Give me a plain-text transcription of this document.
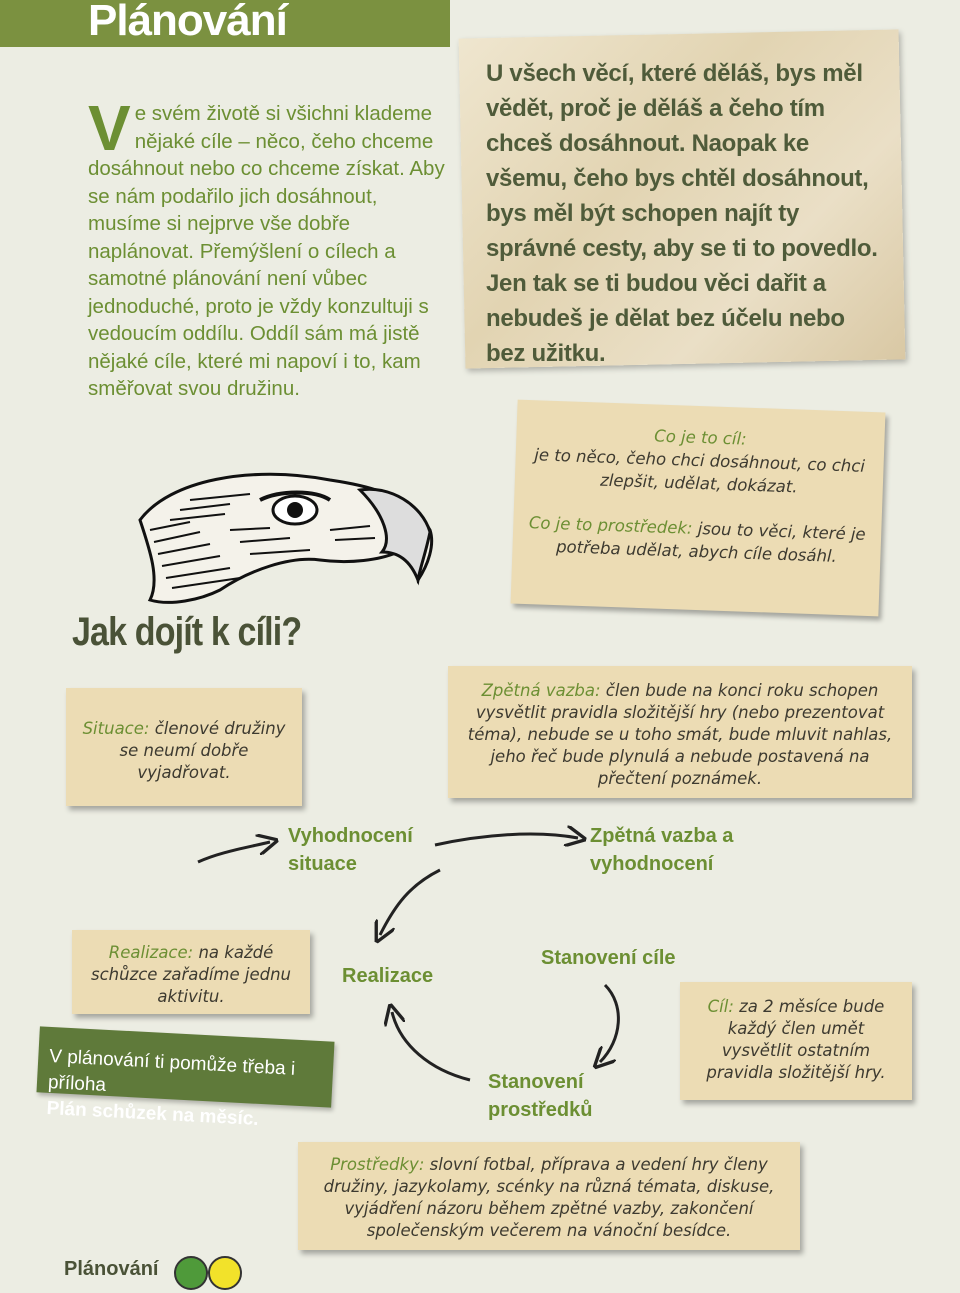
Plánování
V e svém životě si všichni klademe nějaké cíle – něco, čeho chceme dosáhnout nebo co chceme získat. Aby se nám podařilo jich dosáhnout, musíme si nejprve vše dobře naplánovat. Přemýšlení o cílech a samotné plánování není vůbec jednoduché, proto je vždy konzultuji s vedoucím oddílu. Oddíl sám má jistě nějaké cíle, které mi napoví i to, kam směřovat svou družinu.
U všech věcí, které děláš, bys měl vědět, proč je děláš a čeho tím chceš dosáhnout. Naopak ke všemu, čeho bys chtěl dosáhnout, bys měl být schopen najít ty správné cesty, aby se ti to povedlo. Jen tak se ti budou věci dařit a nebudeš je dělat bez účelu nebo bez užitku.
Co je to cíl:
je to něco, čeho chci dosáhnout, co chci zlepšit, udělat, dokázat.
Co je to prostředek: jsou to věci, které je potřeba udělat, abych cíle dosáhl.
Jak dojít k cíli?
Situace: členové družiny se neumí dobře vyjadřovat.
Zpětná vazba: člen bude na konci roku schopen vysvětlit pravidla složitější hry (nebo prezentovat téma), nebude se u toho smát, bude mluvit nahlas, jeho řeč bude plynulá a nebude postavená na přečtení poznámek.
Vyhodnocení situace
Zpětná vazba a vyhodnocení
Realizace
Stanovení cíle
Stanovení prostředků
Realizace: na každé schůzce zařadíme jednu aktivitu.
Cíl: za 2 měsíce bude každý člen umět vysvětlit ostatním pravidla složitější hry.
V plánování ti pomůže třeba i příloha
Plán schůzek na měsíc.
Prostředky: slovní fotbal, příprava a vedení hry členy družiny, jazykolamy, scénky na různá témata, diskuse, vyjádření názoru během zpětné vazby, zakončení společenským večerem na vánoční besídce.
Plánování
